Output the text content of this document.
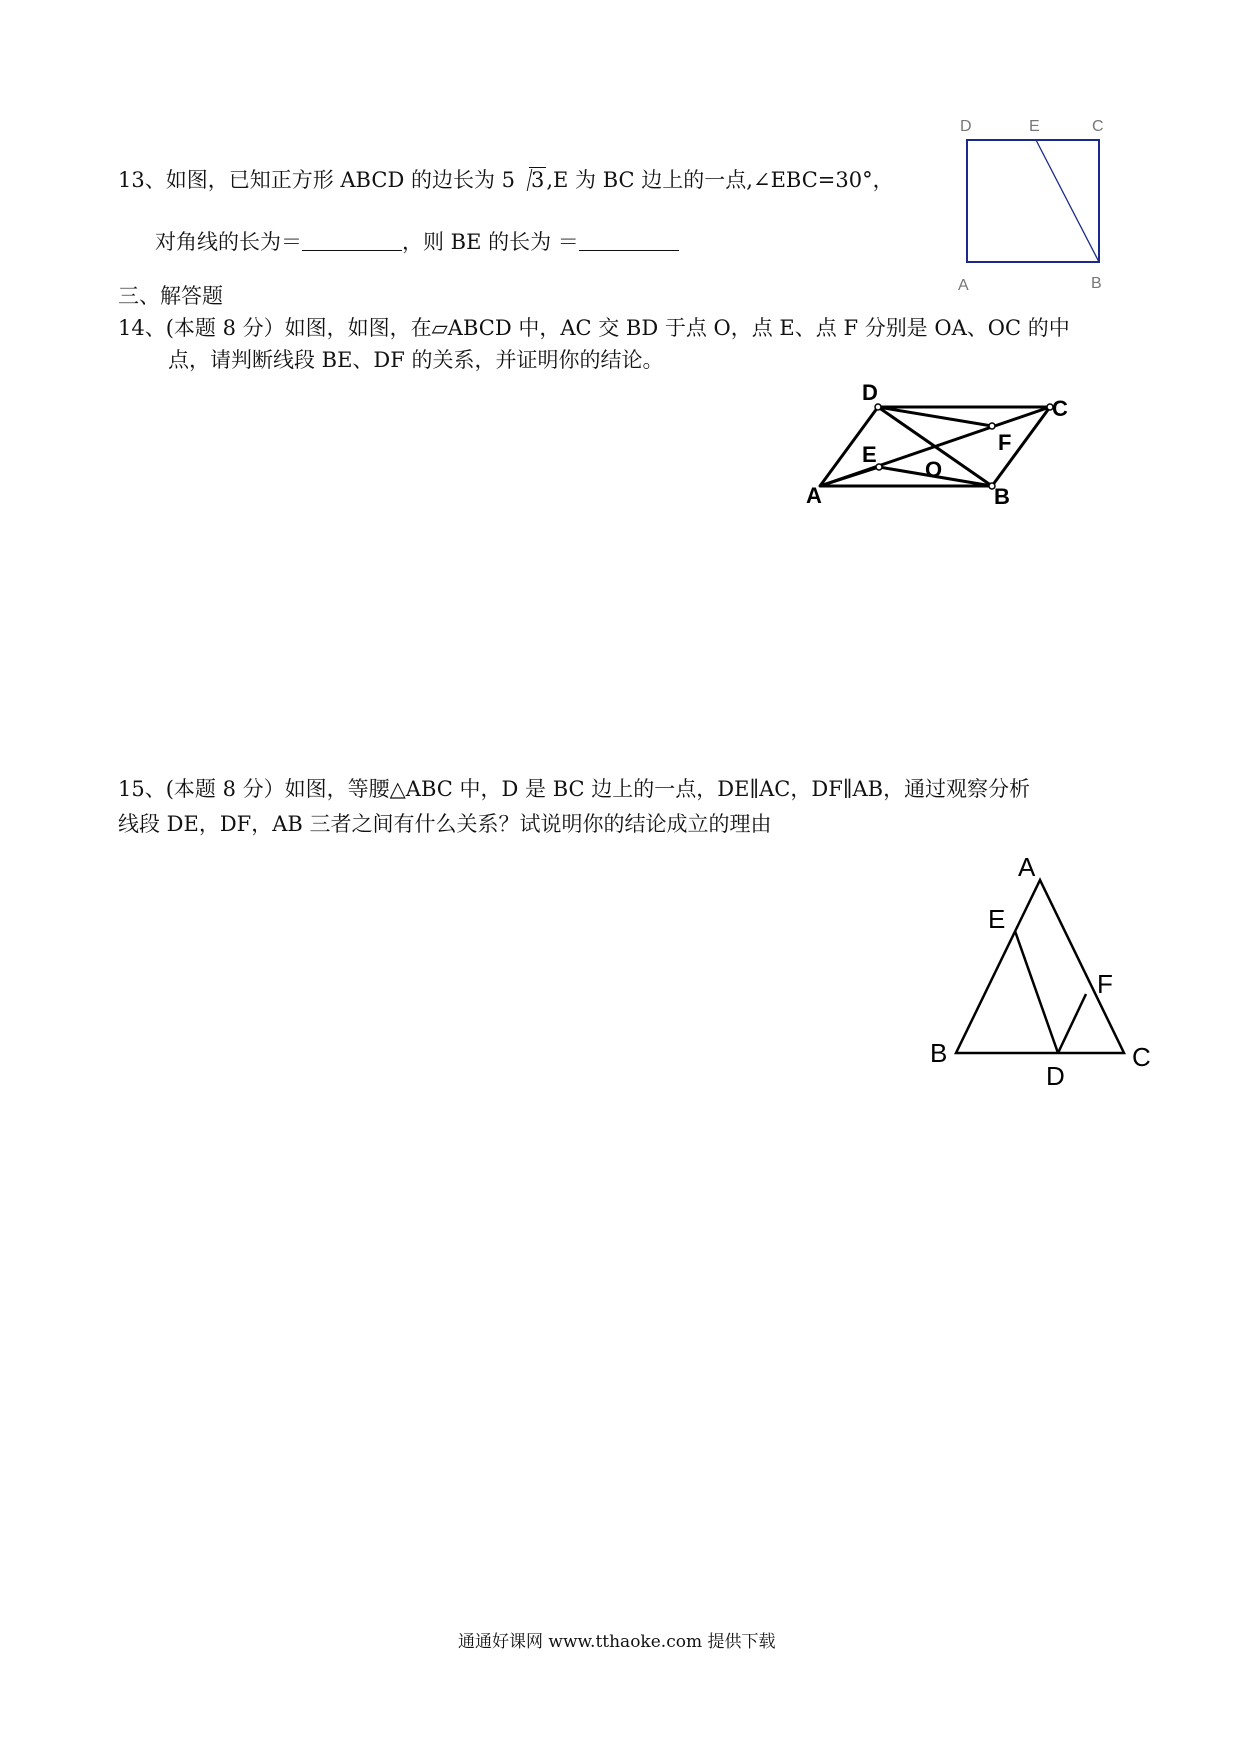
13、如图，已知正方形 ABCD 的边长为 5 3,E 为 BC 边上的一点,∠EBC=30°，
对角线的长为＝	，则 BE 的长为 ＝
D	E	C
A	B
三、解答题
14、(本题 8 分）如图，如图，在▱ABCD 中，AC 交 BD 于点 O，点 E、点 F 分别是 OA、OC 的中
点，请判断线段 BE、DF 的关系，并证明你的结论。
D
C
F
E
O
A	B
15、(本题 8 分）如图，等腰△ABC 中，D 是 BC 边上的一点，DE∥AC，DF∥AB，通过观察分析
线段 DE，DF，AB 三者之间有什么关系？试说明你的结论成立的理由
A
E
F
B
D
C
通通好课网 www.tthaoke.com 提供下载
